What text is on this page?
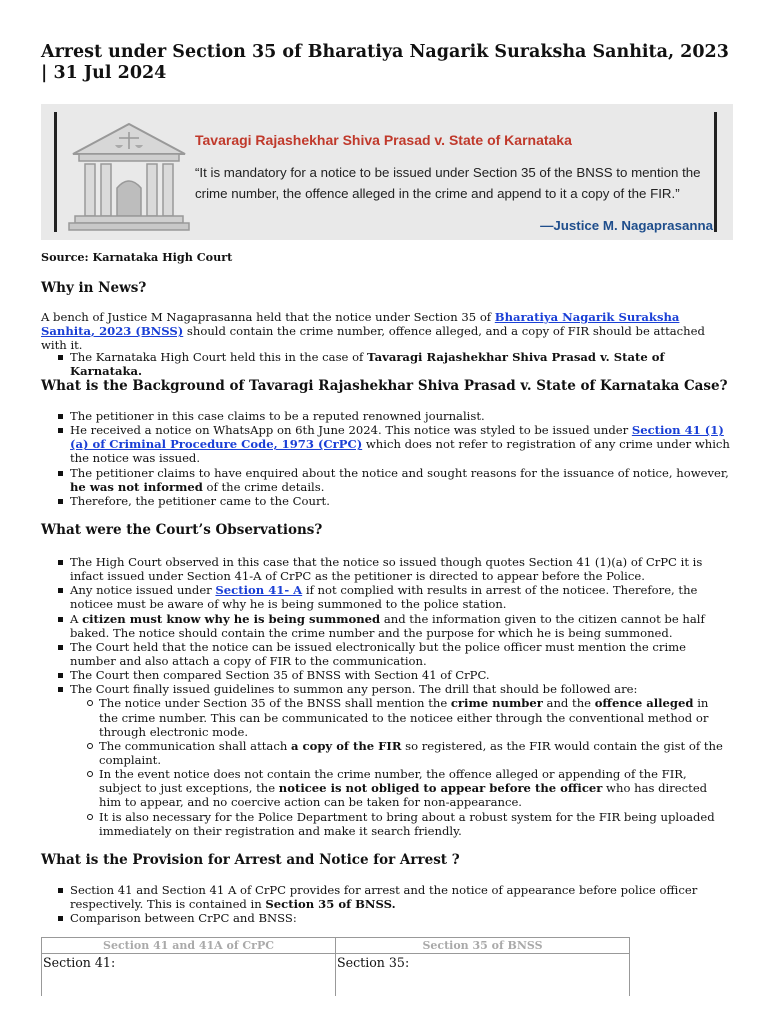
Arrest under Section 35 of Bharatiya Nagarik Suraksha Sanhita, 2023 | 31 Jul 2024
Tavaragi Rajashekhar Shiva Prasad v. State of Karnataka
“It is mandatory for a notice to be issued under Section 35 of the BNSS to mention the crime number, the offence alleged in the crime and append to it a copy of the FIR.”
—Justice M. Nagaprasanna

Source: Karnataka High Court

Why in News?

A bench of Justice M Nagaprasanna held that the notice under Section 35 of Bharatiya Nagarik Suraksha Sanhita, 2023 (BNSS) should contain the crime number, offence alleged, and a copy of FIR should be attached with it.

The Karnataka High Court held this in the case of Tavaragi Rajashekhar Shiva Prasad v. State of Karnataka.
What is the Background of Tavaragi Rajashekhar Shiva Prasad v. State of Karnataka Case?
The petitioner in this case claims to be a reputed renowned journalist.
He received a notice on WhatsApp on 6th June 2024. This notice was styled to be issued under Section 41 (1)(a) of Criminal Procedure Code, 1973 (CrPC) which does not refer to registration of any crime under which the notice was issued.
The petitioner claims to have enquired about the notice and sought reasons for the issuance of notice, however, he was not informed of the crime details.
Therefore, the petitioner came to the Court.
What were the Court’s Observations?
The High Court observed in this case that the notice so issued though quotes Section 41 (1)(a) of CrPC it is infact issued under Section 41-A of CrPC as the petitioner is directed to appear before the Police.
Any notice issued under Section 41- A if not complied with results in arrest of the noticee. Therefore, the noticee must be aware of why he is being summoned to the police station.
A citizen must know why he is being summoned and the information given to the citizen cannot be half baked. The notice should contain the crime number and the purpose for which he is being summoned.
The Court held that the notice can be issued electronically but the police officer must mention the crime number and also attach a copy of FIR to the communication.
The Court then compared Section 35 of BNSS with Section 41 of CrPC.
The Court finally issued guidelines to summon any person. The drill that should be followed are:
The notice under Section 35 of the BNSS shall mention the crime number and the offence alleged in the crime number. This can be communicated to the noticee either through the conventional method or through electronic mode.
The communication shall attach a copy of the FIR so registered, as the FIR would contain the gist of the complaint.
In the event notice does not contain the crime number, the offence alleged or appending of the FIR, subject to just exceptions, the noticee is not obliged to appear before the officer who has directed him to appear, and no coercive action can be taken for non-appearance.
It is also necessary for the Police Department to bring about a robust system for the FIR being uploaded immediately on their registration and make it search friendly.
What is the Provision for Arrest and Notice for Arrest ?
Section 41 and Section 41 A of CrPC provides for arrest and the notice of appearance before police officer respectively. This is contained in Section 35 of BNSS.
Comparison between CrPC and BNSS:
Section 41 and 41A of CrPC	Section 35 of BNSS
Section 41:	Section 35:
